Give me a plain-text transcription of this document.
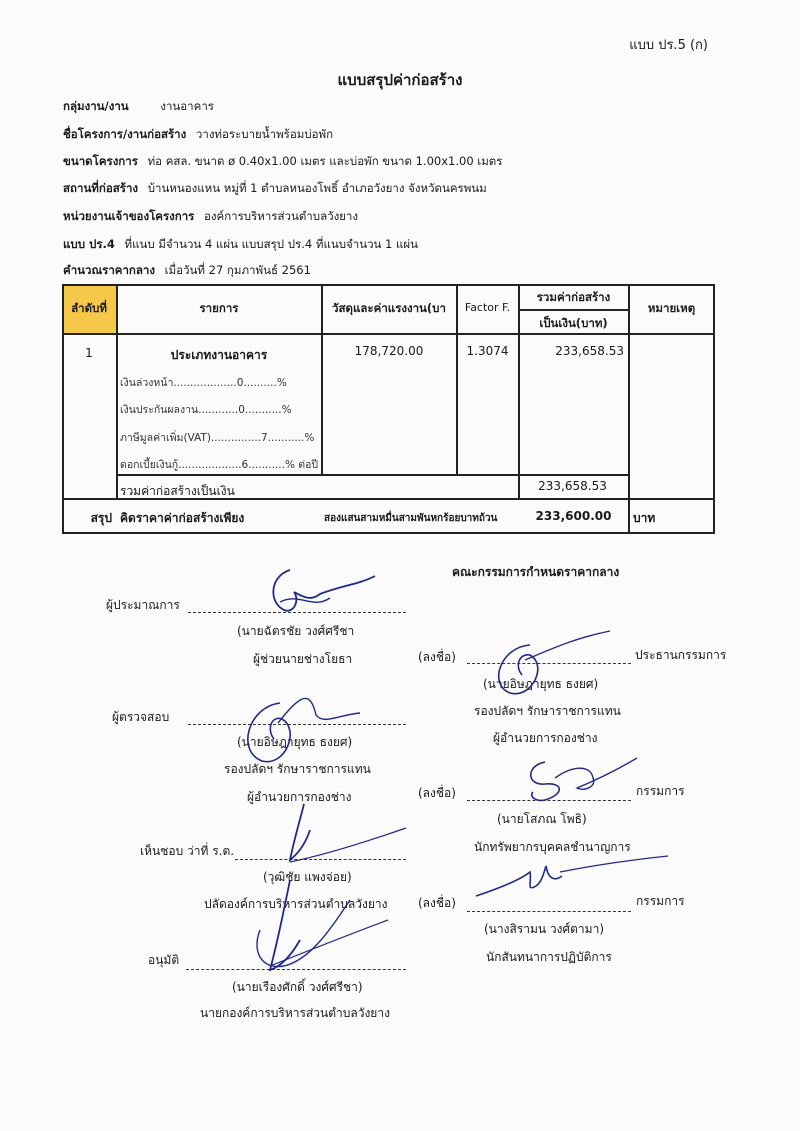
แบบ ปร.5 (ก)
แบบสรุปค่าก่อสร้าง
กลุ่มงาน/งาน	งานอาคาร
ชื่อโครงการ/งานก่อสร้าง วางท่อระบายน้ำพร้อมบ่อพัก
ขนาดโครงการ ท่อ คสล. ขนาด ø 0.40x1.00 เมตร และบ่อพัก ขนาด 1.00x1.00 เมตร
สถานที่ก่อสร้าง บ้านหนองแหน หมู่ที่ 1 ตำบลหนองโพธิ์ อำเภอวังยาง จังหวัดนครพนม
หน่วยงานเจ้าของโครงการ องค์การบริหารส่วนตำบลวังยาง
แบบ ปร.4 ที่แนบ มีจำนวน 4 แผ่น แบบสรุป ปร.4 ที่แนบจำนวน 1 แผ่น
คำนวณราคากลาง เมื่อวันที่ 27 กุมภาพันธ์ 2561
ลำดับที่	รายการ	วัสดุและค่าแรงงาน(บา	Factor F.
รวมค่าก่อสร้าง
เป็นเงิน(บาท)
หมายเหตุ
1	ประเภทงานอาคาร	178,720.00	1.3074	233,658.53
เงินล่วงหน้า...................0..........%
เงินประกันผลงาน............0...........%
ภาษีมูลค่าเพิ่ม(VAT)...............7...........%
ดอกเบี้ยเงินกู้...................6...........% ต่อปี
รวมค่าก่อสร้างเป็นเงิน	233,658.53
สรุป คิดราคาค่าก่อสร้างเพียง	สองแสนสามหมื่นสามพันหกร้อยบาทถ้วน	233,600.00	บาท
คณะกรรมการกำหนดราคากลาง
ผู้ประมาณการ
(นายฉัตรชัย วงศ์ศรีชา
ผู้ช่วยนายช่างโยธา
ผู้ตรวจสอบ
(นายอิษฎายุทธ ธงยศ)
รองปลัดฯ รักษาราชการแทน
ผู้อำนวยการกองช่าง
เห็นชอบ ว่าที่ ร.ต.
(วุฒิชัย แพงจ่อย)
ปลัดองค์การบริหารส่วนตำบลวังยาง
อนุมัติ
(นายเรืองศักดิ์ วงศ์ศรีชา)
นายกองค์การบริหารส่วนตำบลวังยาง
(ลงชื่อ)	ประธานกรรมการ
(นายอิษฎายุทธ ธงยศ)
รองปลัดฯ รักษาราชการแทน
ผู้อำนวยการกองช่าง
(ลงชื่อ)	กรรมการ
(นายโสภณ โพธิ)
นักทรัพยากรบุคคลชำนาญการ
(ลงชื่อ)	กรรมการ
(นางสิรามน วงศ์ตามา)
นักสันทนาการปฏิบัติการ
